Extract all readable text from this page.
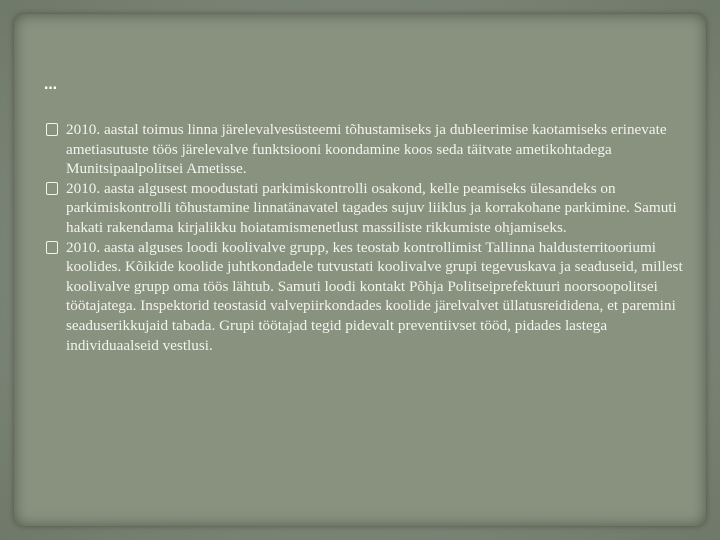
…
2010. aastal toimus linna järelevalvesüsteemi tõhustamiseks ja dubleerimise kaotamiseks erinevate ametiasutuste töös järelevalve funktsiooni koondamine koos seda täitvate ametikohtadega Munitsipaalpolitsei Ametisse.
2010. aasta algusest moodustati parkimiskontrolli osakond, kelle peamiseks ülesandeks on parkimiskontrolli tõhustamine linnatänavatel tagades sujuv liiklus ja korrakohane parkimine. Samuti hakati rakendama kirjalikku hoiatamismenetlust massiliste rikkumiste ohjamiseks.
2010. aasta alguses loodi koolivalve grupp, kes teostab kontrollimist Tallinna haldusterritooriumi koolides. Kõikide koolide juhtkondadele tutvustati koolivalve grupi tegevuskava ja seaduseid, millest koolivalve grupp oma töös lähtub. Samuti loodi kontakt Põhja Politseiprefektuuri noorsoopolitsei töötajatega. Inspektorid teostasid valvepiirkondades koolide järelvalvet üllatusreididena, et paremini seaduserikkujaid tabada. Grupi töötajad tegid pidevalt preventiivset tööd, pidades lastega individuaalseid vestlusi.
